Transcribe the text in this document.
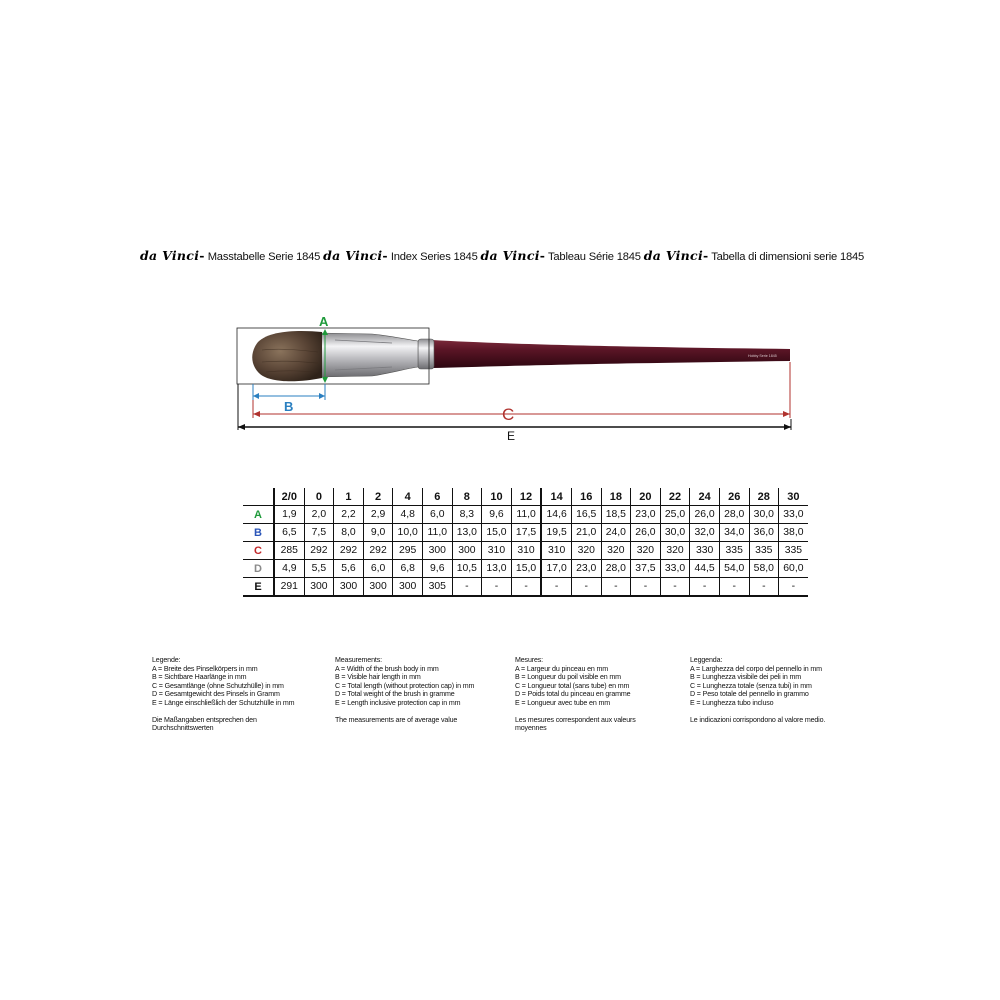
da Vinci - Masstabelle Serie 1845 da Vinci - Index Series 1845 da Vinci - Tableau Série 1845 da Vinci - Tabella di dimensioni serie 1845
Hobby Serie 1845
A
B	C
E
	2/0	0	1	2	4	6	8	10	12	14	16	18	20	22	24	26	28	30
A	1,9	2,0	2,2	2,9	4,8	6,0	8,3	9,6	11,0	14,6	16,5	18,5	23,0	25,0	26,0	28,0	30,0	33,0
B	6,5	7,5	8,0	9,0	10,0	11,0	13,0	15,0	17,5	19,5	21,0	24,0	26,0	30,0	32,0	34,0	36,0	38,0
C	285	292	292	292	295	300	300	310	310	310	320	320	320	320	330	335	335	335
D	4,9	5,5	5,6	6,0	6,8	9,6	10,5	13,0	15,0	17,0	23,0	28,0	37,5	33,0	44,5	54,0	58,0	60,0
E	291	300	300	300	300	305	-	-	-	-	-	-	-	-	-	-	-	-
Legende:
A = Breite des Pinselkörpers in mm
B = Sichtbare Haarlänge in mm
C = Gesamtlänge (ohne Schutzhülle) in mm
D = Gesamtgewicht des Pinsels in Gramm
E = Länge einschließlich der Schutzhülle in mm
Die Maßangaben entsprechen den Durchschnittswerten
Measurements:
A = Width of the brush body in mm
B = Visible hair length in mm
C = Total length (without protection cap) in mm
D = Total weight of the brush in gramme
E = Length inclusive protection cap in mm
The measurements are of average value
Mesures:
A = Largeur du pinceau en mm
B = Longueur du poil visible en mm
C = Longueur total (sans tube) en mm
D = Poids total du pinceau en gramme
E = Longueur avec tube en mm
Les mesures correspondent aux valeurs moyennes
Leggenda:
A = Larghezza del corpo del pennello in mm
B = Lunghezza visibile dei peli in mm
C = Lunghezza totale (senza tubi) in mm
D = Peso totale del pennello in grammo
E = Lunghezza tubo incluso
Le indicazioni corrispondono al valore medio.
